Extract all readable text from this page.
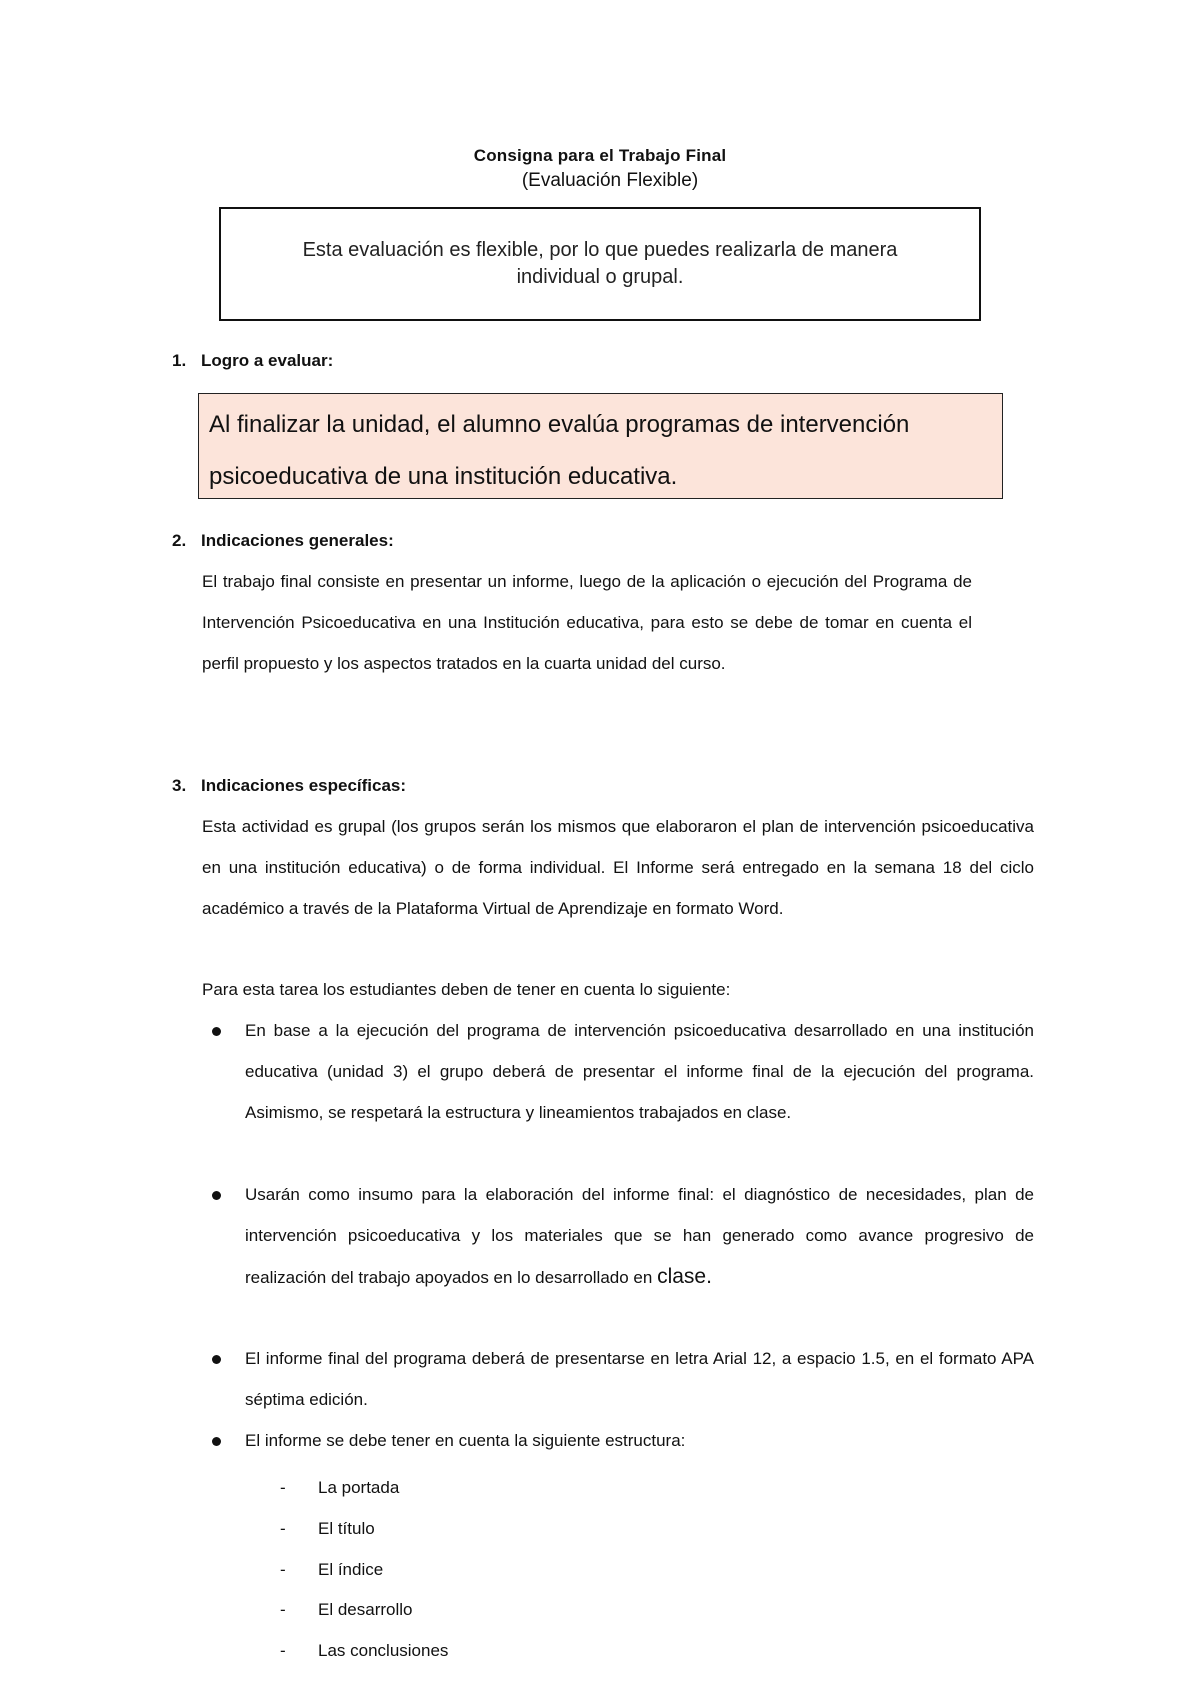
Consigna para el Trabajo Final
(Evaluación Flexible)
Esta evaluación es flexible, por lo que puedes realizarla de manera
individual o grupal.
1. Logro a evaluar:
Al finalizar la unidad, el alumno evalúa programas de intervención
psicoeducativa de una institución educativa.
2. Indicaciones generales:
El trabajo final consiste en presentar un informe, luego de la aplicación o ejecución del Programa de Intervención Psicoeducativa en una Institución educativa, para esto se debe de tomar en cuenta el perfil propuesto y los aspectos tratados en la cuarta unidad del curso.
3. Indicaciones específicas:
Esta actividad es grupal (los grupos serán los mismos que elaboraron el plan de intervención psicoeducativa en una institución educativa) o de forma individual. El Informe será entregado en la semana 18 del ciclo académico a través de la Plataforma Virtual de Aprendizaje en formato Word.
Para esta tarea los estudiantes deben de tener en cuenta lo siguiente:
En base a la ejecución del programa de intervención psicoeducativa desarrollado en una institución educativa (unidad 3) el grupo deberá de presentar el informe final de la ejecución del programa. Asimismo, se respetará la estructura y lineamientos trabajados en clase.
Usarán como insumo para la elaboración del informe final: el diagnóstico de necesidades, plan de intervención psicoeducativa y los materiales que se han generado como avance progresivo de realización del trabajo apoyados en lo desarrollado en clase.
El informe final del programa deberá de presentarse en letra Arial 12, a espacio 1.5, en el formato APA séptima edición.
El informe se debe tener en cuenta la siguiente estructura:
-	La portada
-	El título
-	El índice
-	El desarrollo
-	Las conclusiones
